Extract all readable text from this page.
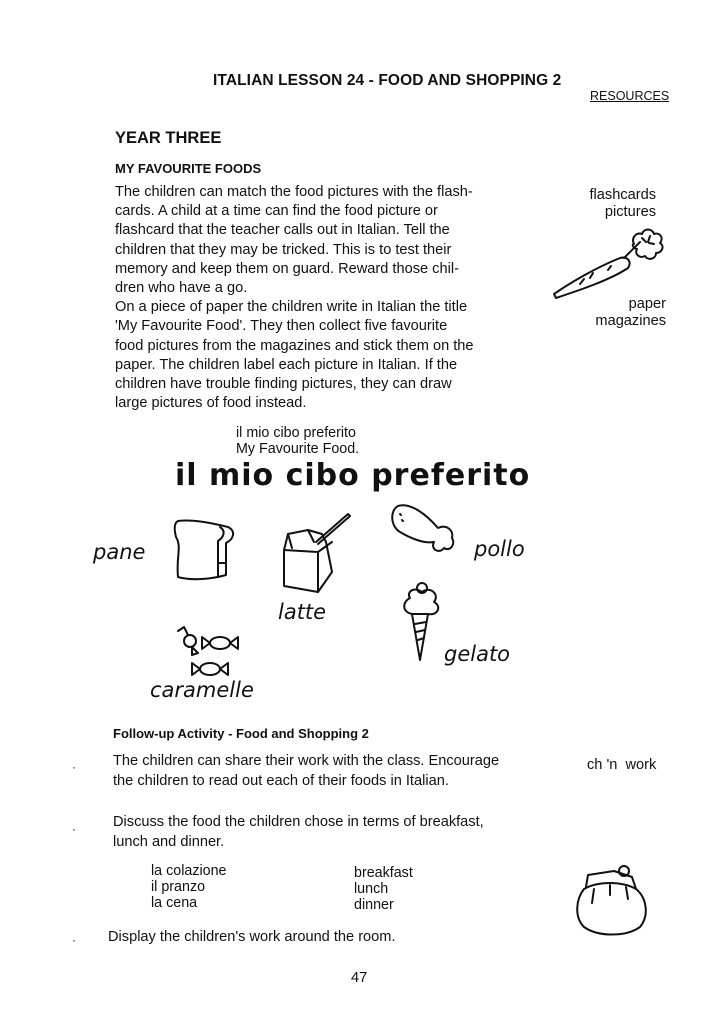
ITALIAN LESSON 24 - FOOD AND SHOPPING 2
RESOURCES
YEAR THREE
MY FAVOURITE FOODS
The children can match the food pictures with the flash-
cards. A child at a time can find the food picture or
flashcard that the teacher calls out in Italian. Tell the
children that they may be tricked. This is to test their
memory and keep them on guard. Reward those chil-
dren who have a go.
On a piece of paper the children write in Italian the title
'My Favourite Food'. They then collect five favourite
food pictures from the magazines and stick them on the
paper. The children label each picture in Italian. If the
children have trouble finding pictures, they can draw
large pictures of food instead.
flashcards
pictures
paper
magazines
il mio cibo preferito
My Favourite Food.
il mio cibo preferito
pane
latte
pollo
gelato
caramelle
Follow-up Activity - Food and Shopping 2
·	The children can share their work with the class. Encourage
the children to read out each of their foods in Italian.
ch 'n  work
·	Discuss the food the children chose in terms of breakfast,
lunch and dinner.
la colazione
il pranzo
la cena
breakfast
lunch
dinner
· Display the children's work around the room.
47
